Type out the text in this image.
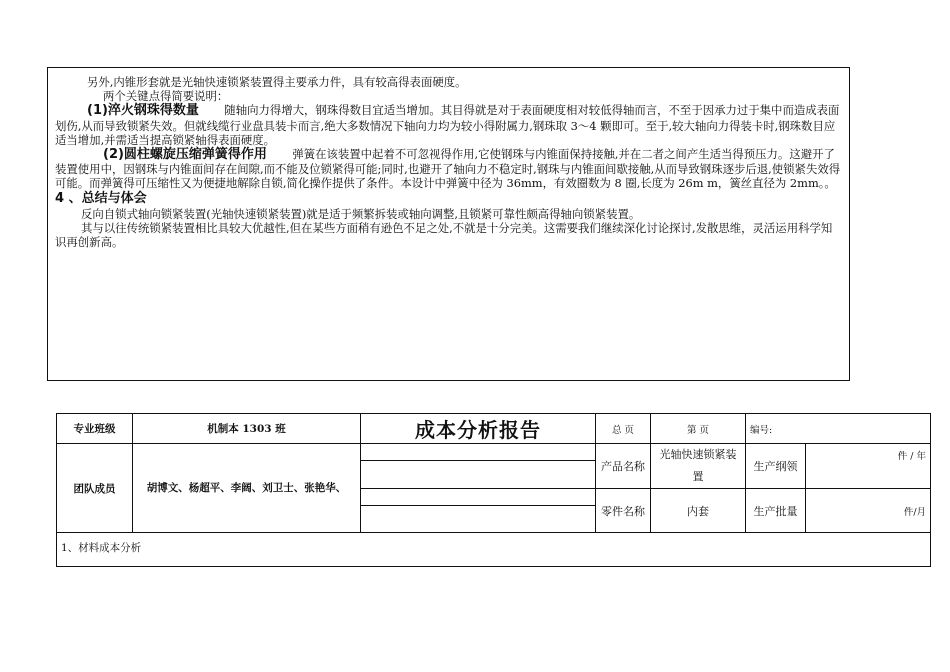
另外,内锥形套就是光轴快速锁紧装置得主要承力件，具有较高得表面硬度。

两个关键点得简要说明：

(1)淬火钢珠得数量 随轴向力得增大，钢珠得数目宜适当增加。其目得就是对于表面硬度相对较低得轴而言，不至于因承力过于集中而造成表面划伤,从而导致锁紧失效。但就线缆行业盘具装卡而言,绝大多数情况下轴向力均为较小得附属力,钢珠取 3～4 颗即可。至于,较大轴向力得装卡时,钢珠数目应适当增加,并需适当提高锁紧轴得表面硬度。

(2)圆柱螺旋压缩弹簧得作用 弹簧在该装置中起着不可忽视得作用,它使钢珠与内锥面保持接触,并在二者之间产生适当得预压力。这避开了装置使用中，因钢珠与内锥面间存在间隙,而不能及位锁紧得可能;同时,也避开了轴向力不稳定时,钢珠与内锥面间歇接触,从而导致钢珠逐步后退,使锁紧失效得可能。而弹簧得可压缩性又为便捷地解除自锁,简化操作提供了条件。本设计中弹簧中径为 36mm，有效圈数为 8 圈,长度为 26m m，簧丝直径为 2mm。。

4 、总结与体会

反向自锁式轴向锁紧装置(光轴快速锁紧装置)就是适于频繁拆装或轴向调整,且锁紧可靠性颇高得轴向锁紧装置。

其与以往传统锁紧装置相比具较大优越性,但在某些方面稍有逊色不足之处,不就是十分完美。这需要我们继续深化讨论探讨,发散思维，灵活运用科学知识再创新高。

专业班级	机制本 1303 班	成本分析报告	总 页	第 页	编号:	
团队成员	胡博文、杨超平、李阔、刘卫士、张艳华、		产品名称	光轴快速锁紧装置	生产纲领	件 / 年

			零件名称	内套	生产批量	件/月

1、材料成本分析						
